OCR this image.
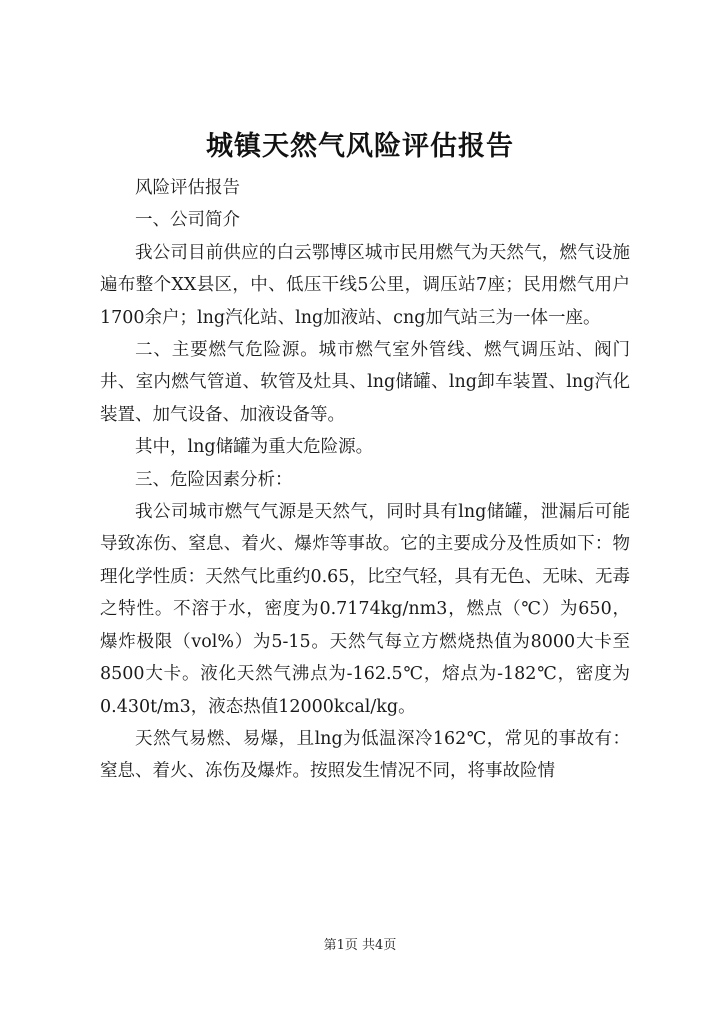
城镇天然气风险评估报告

风险评估报告

一、公司简介

我公司目前供应的白云鄂博区城市民用燃气为天然气，燃气设施遍布整个XX县区，中、低压干线5公里，调压站7座；民用燃气用户1700余户；lng汽化站、lng加液站、cng加气站三为一体一座。

二、主要燃气危险源。城市燃气室外管线、燃气调压站、阀门井、室内燃气管道、软管及灶具、lng储罐、lng卸车装置、lng汽化装置、加气设备、加液设备等。

其中，lng储罐为重大危险源。

三、危险因素分析：

我公司城市燃气气源是天然气，同时具有lng储罐，泄漏后可能导致冻伤、窒息、着火、爆炸等事故。它的主要成分及性质如下：物理化学性质：天然气比重约0.65，比空气轻，具有无色、无味、无毒之特性。不溶于水，密度为0.7174kg/nm3，燃点（℃）为650，爆炸极限（vol%）为5-15。天然气每立方燃烧热值为8000大卡至8500大卡。液化天然气沸点为-162.5℃，熔点为-182℃，密度为0.430t/m3，液态热值12000kcal/kg。

天然气易燃、易爆，且lng为低温深冷162℃，常见的事故有：窒息、着火、冻伤及爆炸。按照发生情况不同，将事故险情

第1页 共4页
